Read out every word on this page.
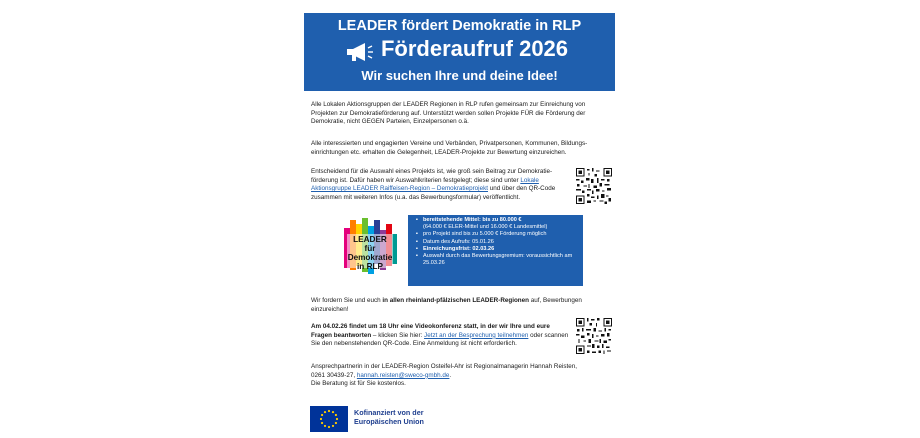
LEADER fördert Demokratie in RLP
Förderaufruf 2026
Wir suchen Ihre und deine Idee!
Alle Lokalen Aktionsgruppen der LEADER Regionen in RLP rufen gemeinsam zur Einreichung von Projekten zur Demokratieförderung auf. Unterstützt werden sollen Projekte FÜR die Förderung der Demokratie, nicht GEGEN Parteien, Einzelpersonen o.ä.
Alle interessierten und engagierten Vereine und Verbänden, Privatpersonen, Kommunen, Bildungs-einrichtungen etc. erhalten die Gelegenheit, LEADER-Projekte zur Bewertung einzureichen.
Entscheidend für die Auswahl eines Projekts ist, wie groß sein Beitrag zur Demokratie-förderung ist. Dafür haben wir Auswahlkriterien festgelegt; diese sind unter Lokale Aktionsgruppe LEADER Raiffeisen-Region – Demokratieprojekt und über den QR-Code zusammen mit weiteren Infos (u.a. das Bewerbungsformular) veröffentlicht.
LEADER
für
Demokratie
in RLP
▪ bereitstehende Mittel: bis zu 80.000 €
(64.000 € ELER-Mittel und 16.000 € Landesmittel)
▪ pro Projekt sind bis zu 5.000 € Förderung möglich
▪ Datum des Aufrufs: 05.01.26
▪ Einreichungsfrist: 02.03.26
▪ Auswahl durch das Bewertungsgremium: voraussichtlich am 25.03.26
Wir fordern Sie und euch in allen rheinland-pfälzischen LEADER-Regionen auf, Bewerbungen einzureichen!
Am 04.02.26 findet um 18 Uhr eine Videokonferenz statt, in der wir Ihre und eure Fragen beantworten – klicken Sie hier: Jetzt an der Besprechung teilnehmen oder scannen Sie den nebenstehenden QR-Code. Eine Anmeldung ist nicht erforderlich.
Ansprechpartnerin in der LEADER-Region Osteifel-Ahr ist Regionalmanagerin Hannah Reisten,
0261 30439-27, hannah.reisten@sweco-gmbh.de.
Die Beratung ist für Sie kostenlos.
Kofinanziert von der
Europäischen Union
